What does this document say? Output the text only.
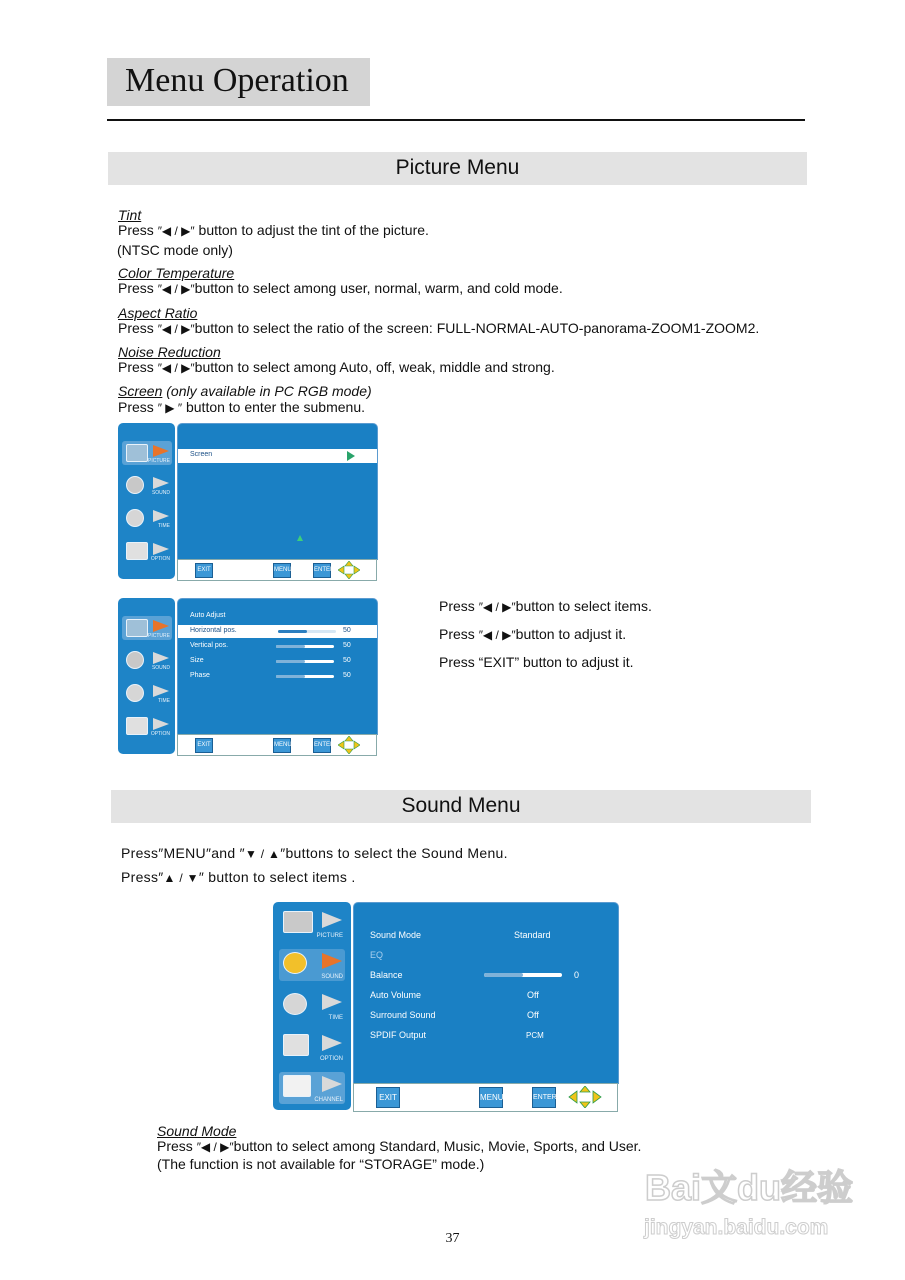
Menu Operation
Picture Menu
Tint
Press ″◀ / ▶″ button to adjust the tint of the picture.
(NTSC mode only)
Color Temperature
Press ″◀ / ▶″button to select among user, normal, warm, and cold mode.
Aspect Ratio
Press ″◀ / ▶″button to select the ratio of the screen: FULL-NORMAL-AUTO-panorama-ZOOM1-ZOOM2.
Noise Reduction
Press ″◀ / ▶″button to select among Auto, off, weak, middle and strong.
Screen (only available in PC RGB mode)
Press ″ ▶ ″ button to enter the submenu.
PICTURE
SOUND
TIME
OPTION
Screen
EXIT	MENU	ENTER
PICTURE
SOUND
TIME
OPTION
Auto Adjust
Horizontal pos.	50
Vertical pos.	50
Size	50
Phase	50
EXIT	MENU	ENTER
Press ″◀ / ▶″button to select items.
Press ″◀ / ▶″button to adjust it.
Press “EXIT” button to adjust it.
Sound Menu
Press″MENU″and ″▼ / ▲″buttons to select the Sound Menu.
Press″▲ / ▼″ button to select items .
PICTURE
SOUND
TIME
OPTION
CHANNEL
Sound Mode	Standard
EQ
Balance	0
Auto Volume	Off
Surround Sound	Off
SPDIF Output	PCM
EXIT	MENU	ENTER
Sound Mode
Press ″◀ / ▶″button to select among Standard, Music, Movie, Sports, and User.
(The function is not available for “STORAGE” mode.)
Bai文du经验
jingyan.baidu.com
37
